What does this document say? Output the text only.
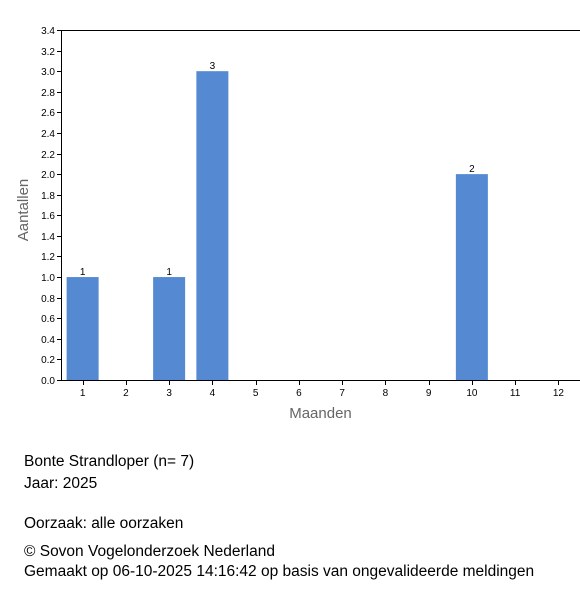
0.0
0.2
0.4
0.6
0.8
1.0
1.2
1.4
1.6
1.8
2.0
2.2
2.4
2.6
2.8
3.0
3.2
3.4
1	1
3
2
1	2	3	4	5	6	7	8	9	10	11	12
Aantallen
Maanden
Bonte Strandloper (n= 7)
Jaar: 2025
Oorzaak: alle oorzaken
© Sovon Vogelonderzoek Nederland
Gemaakt op 06-10-2025 14:16:42 op basis van ongevalideerde meldingen
